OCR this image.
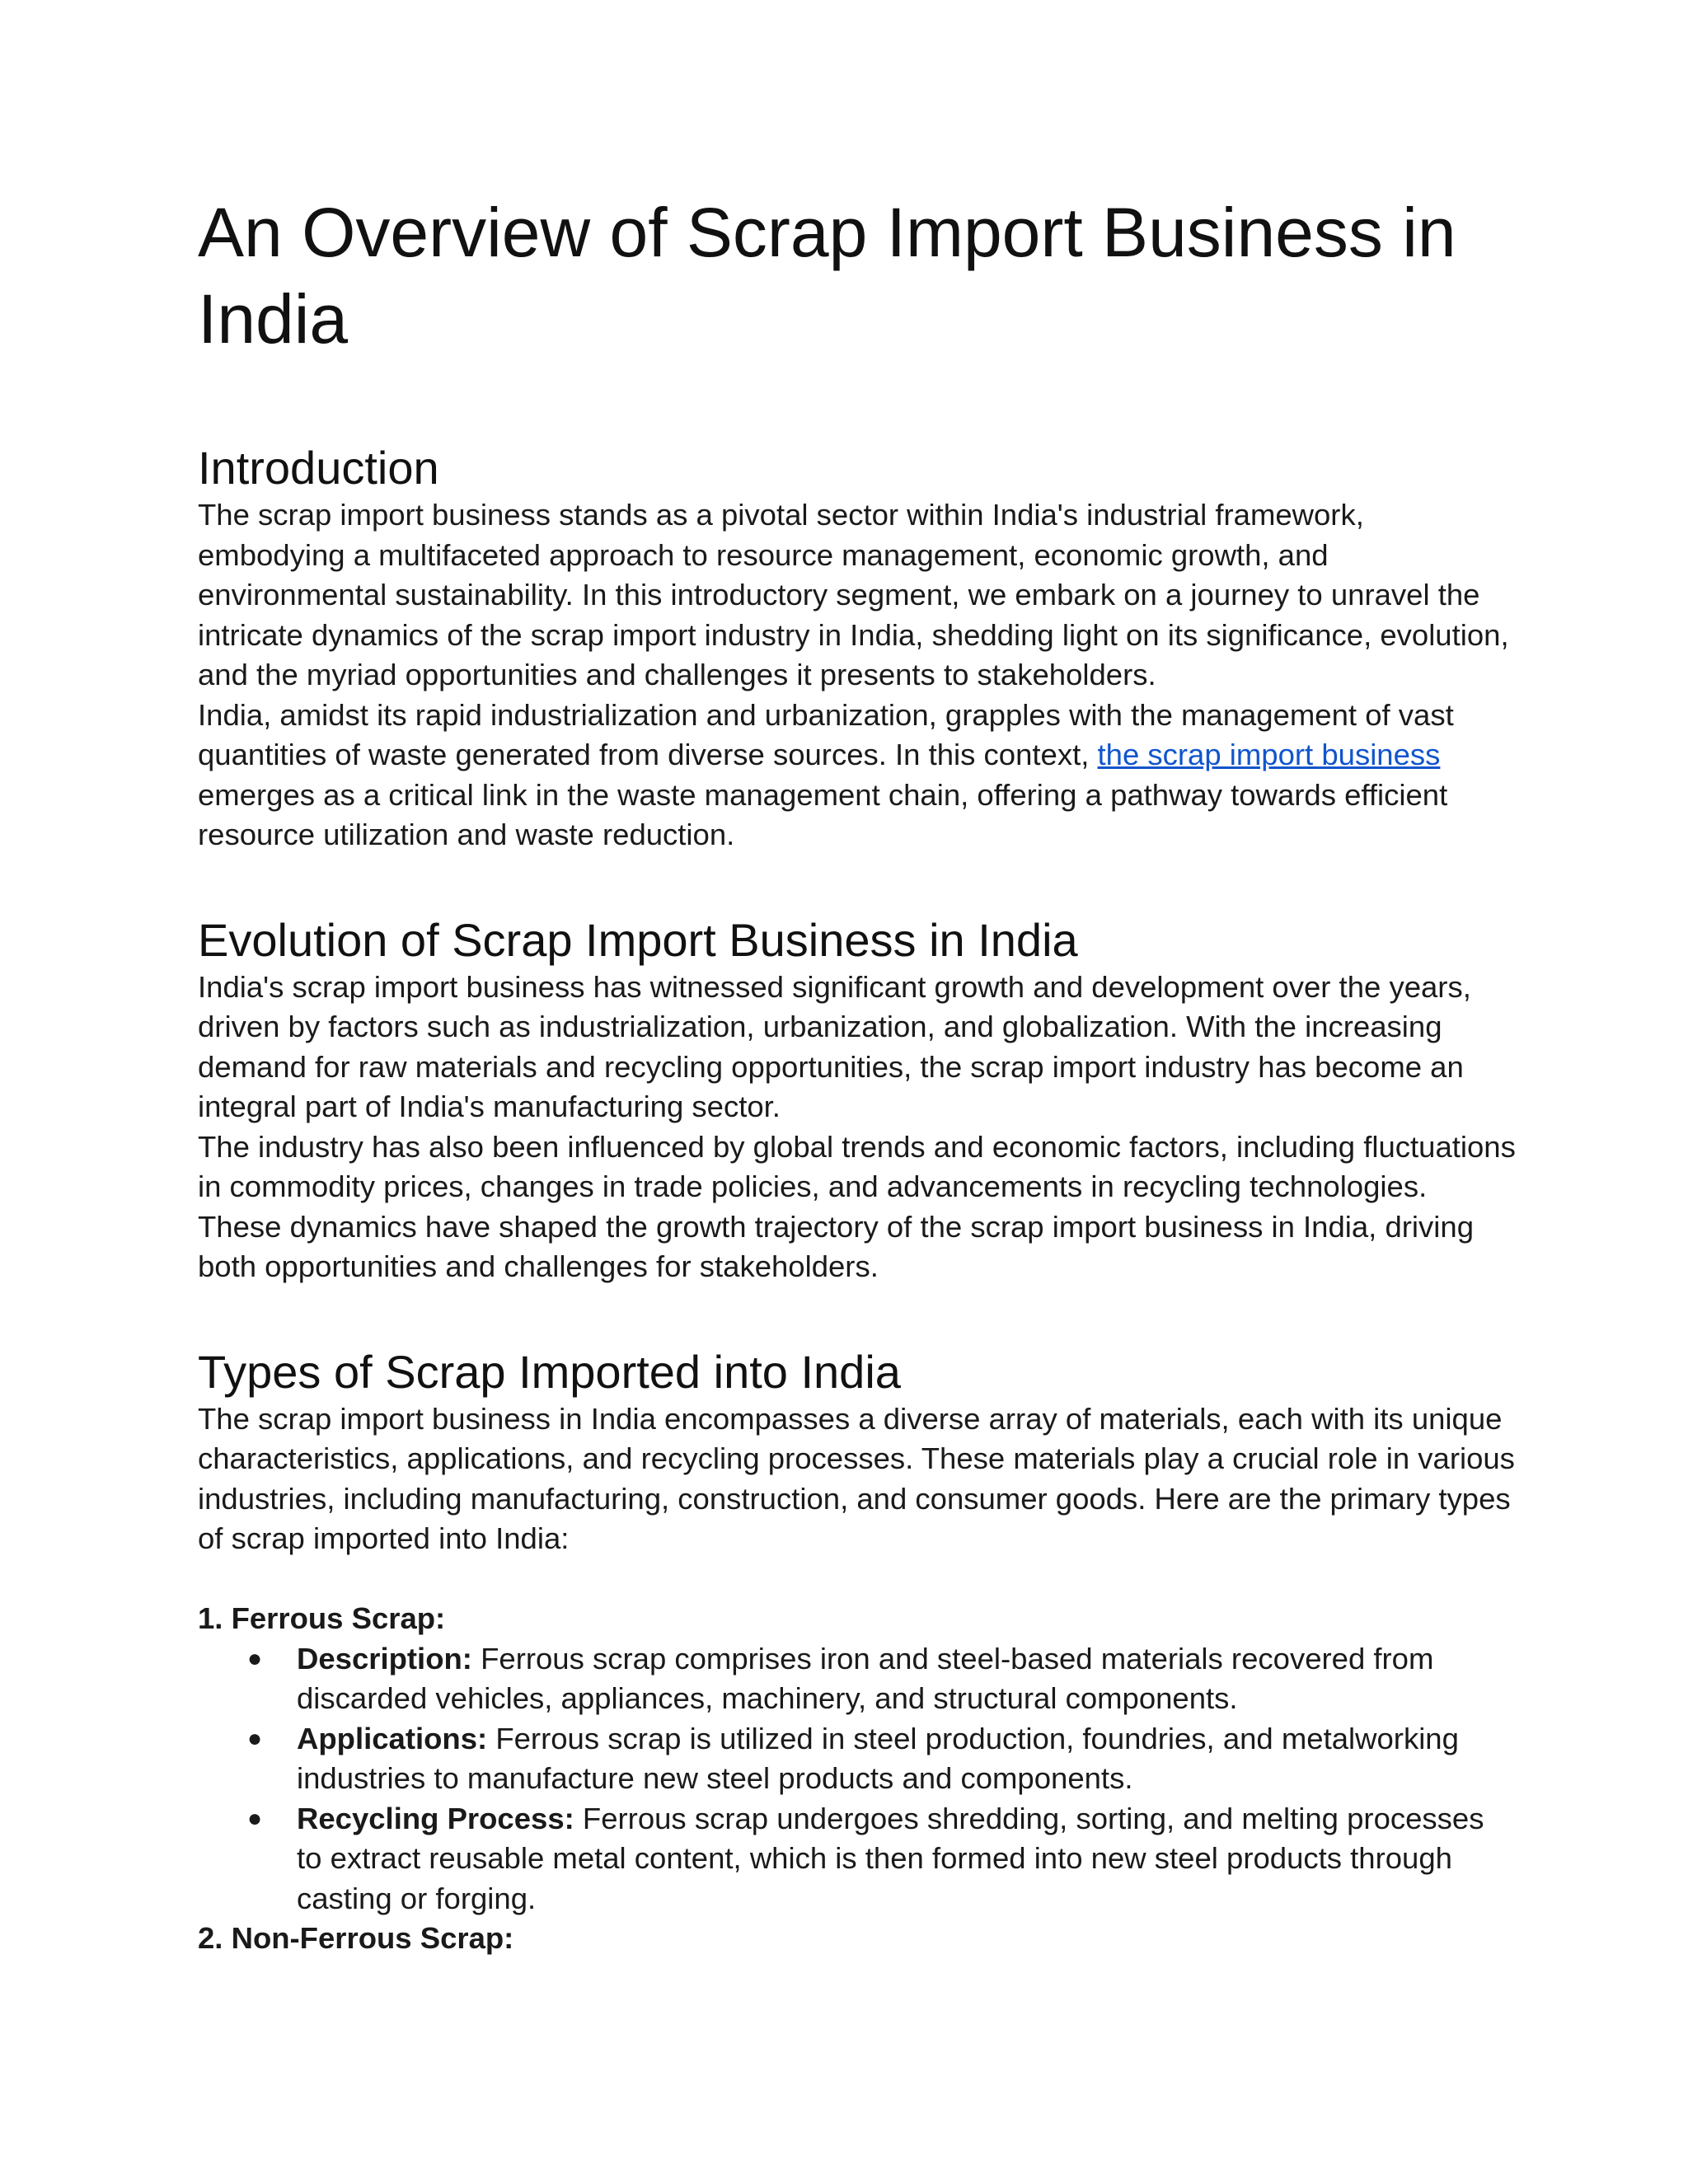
An Overview of Scrap Import Business in India
Introduction

The scrap import business stands as a pivotal sector within India's industrial framework, embodying a multifaceted approach to resource management, economic growth, and environmental sustainability. In this introductory segment, we embark on a journey to unravel the intricate dynamics of the scrap import industry in India, shedding light on its significance, evolution, and the myriad opportunities and challenges it presents to stakeholders.

India, amidst its rapid industrialization and urbanization, grapples with the management of vast quantities of waste generated from diverse sources. In this context, the scrap import business emerges as a critical link in the waste management chain, offering a pathway towards efficient resource utilization and waste reduction.

Evolution of Scrap Import Business in India

India's scrap import business has witnessed significant growth and development over the years, driven by factors such as industrialization, urbanization, and globalization. With the increasing demand for raw materials and recycling opportunities, the scrap import industry has become an integral part of India's manufacturing sector.

The industry has also been influenced by global trends and economic factors, including fluctuations in commodity prices, changes in trade policies, and advancements in recycling technologies. These dynamics have shaped the growth trajectory of the scrap import business in India, driving both opportunities and challenges for stakeholders.

Types of Scrap Imported into India

The scrap import business in India encompasses a diverse array of materials, each with its unique characteristics, applications, and recycling processes. These materials play a crucial role in various industries, including manufacturing, construction, and consumer goods. Here are the primary types of scrap imported into India:

1. Ferrous Scrap:

● Description: Ferrous scrap comprises iron and steel-based materials recovered from discarded vehicles, appliances, machinery, and structural components.
● Applications: Ferrous scrap is utilized in steel production, foundries, and metalworking industries to manufacture new steel products and components.
● Recycling Process: Ferrous scrap undergoes shredding, sorting, and melting processes to extract reusable metal content, which is then formed into new steel products through casting or forging.

2. Non-Ferrous Scrap:
